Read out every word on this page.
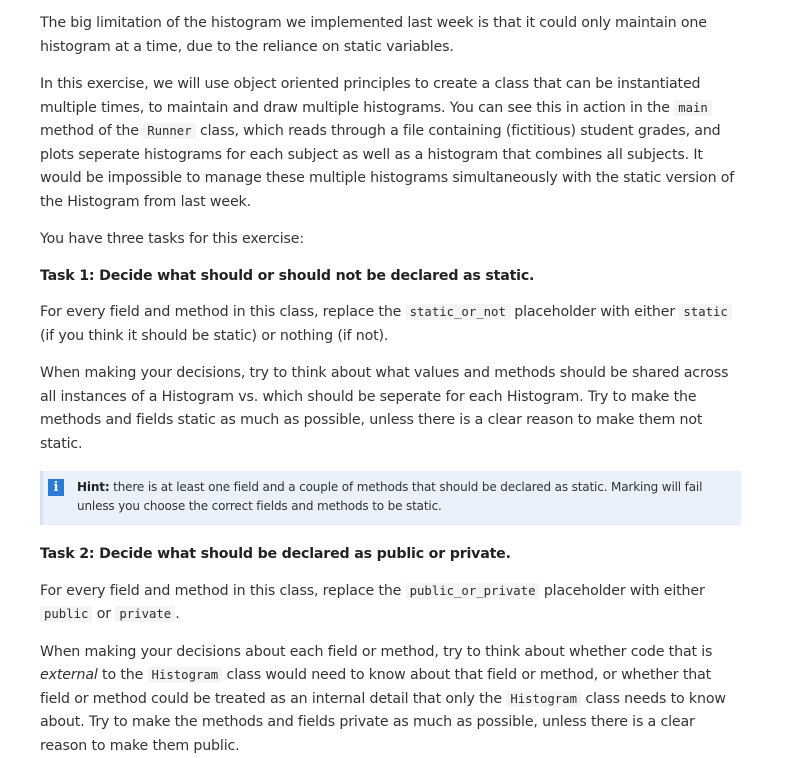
The big limitation of the histogram we implemented last week is that it could only maintain one histogram at a time, due to the reliance on static variables.

In this exercise, we will use object oriented principles to create a class that can be instantiated multiple times, to maintain and draw multiple histograms. You can see this in action in the main method of the Runner class, which reads through a file containing (fictitious) student grades, and plots seperate histograms for each subject as well as a histogram that combines all subjects. It would be impossible to manage these multiple histograms simultaneously with the static version of the Histogram from last week.

You have three tasks for this exercise:

Task 1: Decide what should or should not be declared as static.

For every field and method in this class, replace the static_or_not placeholder with either static (if you think it should be static) or nothing (if not).

When making your decisions, try to think about what values and methods should be shared across all instances of a Histogram vs. which should be seperate for each Histogram. Try to make the methods and fields static as much as possible, unless there is a clear reason to make them not static.

i	Hint: there is at least one field and a couple of methods that should be declared as static. Marking will fail unless you choose the correct fields and methods to be static.
Task 2: Decide what should be declared as public or private.

For every field and method in this class, replace the public_or_private placeholder with either public or private .

When making your decisions about each field or method, try to think about whether code that is external to the Histogram class would need to know about that field or method, or whether that field or method could be treated as an internal detail that only the Histogram class needs to know about. Try to make the methods and fields private as much as possible, unless there is a clear reason to make them public.
